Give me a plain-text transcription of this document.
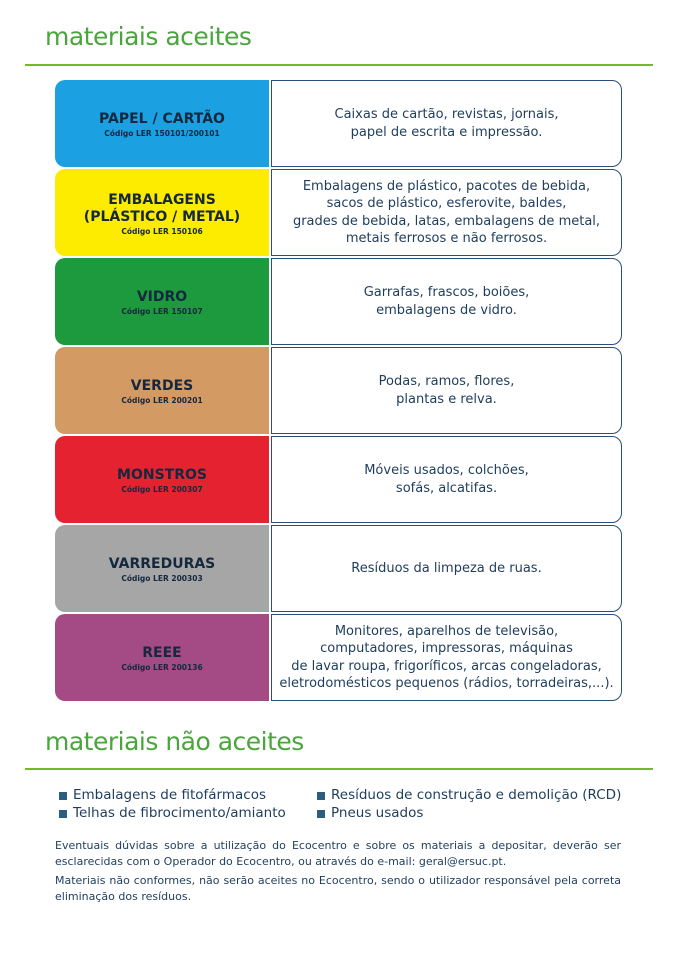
materiais aceites
PAPEL / CARTÃO
Código LER 150101/200101
Caixas de cartão, revistas, jornais,
papel de escrita e impressão.
EMBALAGENS
(PLÁSTICO / METAL)
Código LER 150106
Embalagens de plástico, pacotes de bebida,
sacos de plástico, esferovite, baldes,
grades de bebida, latas, embalagens de metal,
metais ferrosos e não ferrosos.
VIDRO
Código LER 150107
Garrafas, frascos, boiões,
embalagens de vidro.
VERDES
Código LER 200201
Podas, ramos, flores,
plantas e relva.
MONSTROS
Código LER 200307
Móveis usados, colchões,
sofás, alcatifas.
VARREDURAS
Código LER 200303
Resíduos da limpeza de ruas.
REEE
Código LER 200136
Monitores, aparelhos de televisão,
computadores, impressoras, máquinas
de lavar roupa, frigoríficos, arcas congeladoras,
eletrodomésticos pequenos (rádios, torradeiras,...).
materiais não aceites
Embalagens de fitofármacos	Resíduos de construção e demolição (RCD)
Telhas de fibrocimento/amianto	Pneus usados

Eventuais dúvidas sobre a utilização do Ecocentro e sobre os materiais a depositar, deverão ser esclarecidas com o Operador do Ecocentro, ou através do e-mail: geral@ersuc.pt.

Materiais não conformes, não serão aceites no Ecocentro, sendo o utilizador responsável pela correta eliminação dos resíduos.
